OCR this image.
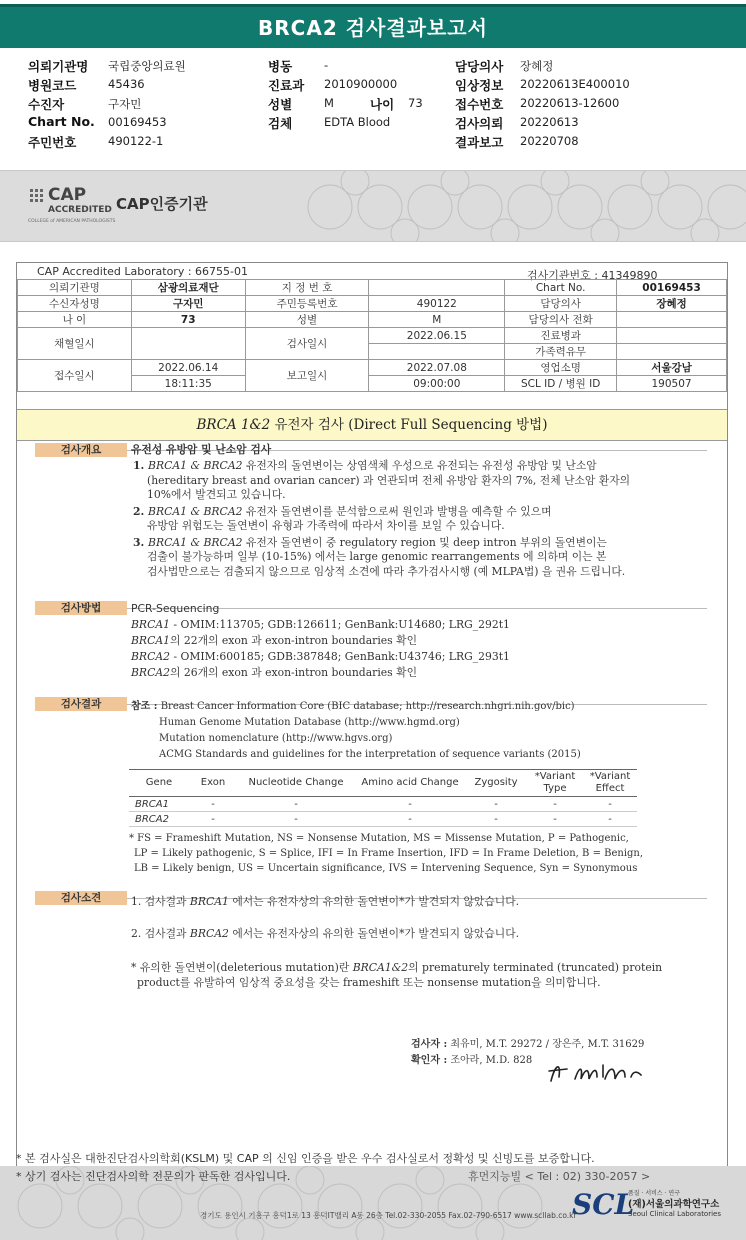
BRCA2 검사결과보고서
의뢰기관명 국립중앙의료원
병원코드	45436
수진자	구자민
Chart No. 00169453
주민번호	490122-1
병동	-
진료과 2010900000
성별	M	나이 73
검체	EDTA Blood
담당의사 장혜정
임상정보 20220613E400010
접수번호 20220613-12600
검사의뢰 20220613
결과보고 20220708
CAP
ACCREDITED
COLLEGE of AMERICAN PATHOLOGISTS
CAP인증기관
CAP Accredited Laboratory : 66755-01	검사기관번호 : 41349890
의뢰기관명	삼광의료재단	지 정 번 호		Chart No.	00169453
수신자성명	구자민	주민등록번호	490122	담당의사	장혜정
나 이	73	성별	M	담당의사 전화	
채혈일시		검사일시	2022.06.15	진료병과	
				가족력유무	
접수일시	2022.06.14	보고일시	2022.07.08	영업소명	서울강남
	18:11:35		09:00:00	SCL ID / 병원 ID	190507
BRCA 1&2 유전자 검사 (Direct Full Sequencing 방법)
검사개요	유전성 유방암 및 난소암 검사
1. BRCA1 & BRCA2 유전자의 돌연변이는 상염색체 우성으로 유전되는 유전성 유방암 및 난소암
(hereditary breast and ovarian cancer) 과 연관되며 전체 유방암 환자의 7%, 전체 난소암 환자의
10%에서 발견되고 있습니다.
2. BRCA1 & BRCA2 유전자 돌연변이를 분석함으로써 원인과 발병을 예측할 수 있으며
유방암 위험도는 돌연변이 유형과 가족력에 따라서 차이를 보일 수 있습니다.
3. BRCA1 & BRCA2 유전자 돌연변이 중 regulatory region 및 deep intron 부위의 돌연변이는
검출이 불가능하며 일부 (10-15%) 에서는 large genomic rearrangements 에 의하며 이는 본
검사법만으로는 검출되지 않으므로 임상적 소견에 따라 추가검사시행 (예 MLPA법) 을 권유 드립니다.
검사방법	PCR-Sequencing
BRCA1 - OMIM:113705; GDB:126611; GenBank:U14680; LRG_292t1
BRCA1의 22개의 exon 과 exon-intron boundaries 확인
BRCA2 - OMIM:600185; GDB:387848; GenBank:U43746; LRG_293t1
BRCA2의 26개의 exon 과 exon-intron boundaries 확인
검사결과	참조 : Breast Cancer Information Core (BIC database; http://research.nhgri.nih.gov/bic)
Human Genome Mutation Database (http://www.hgmd.org)
Mutation nomenclature (http://www.hgvs.org)
ACMG Standards and guidelines for the interpretation of sequence variants (2015)
Gene	Exon	Nucleotide Change	Amino acid Change	Zygosity	*Variant Type	*Variant Effect
BRCA1	-	-	-	-	-	-
BRCA2	-	-	-	-	-	-
* FS = Frameshift Mutation, NS = Nonsense Mutation, MS = Missense Mutation, P = Pathogenic,
LP = Likely pathogenic, S = Splice, IFI = In Frame Insertion, IFD = In Frame Deletion, B = Benign,
LB = Likely benign, US = Uncertain significance, IVS = Intervening Sequence, Syn = Synonymous
검사소견	1. 검사결과 BRCA1 에서는 유전자상의 유의한 돌연변이*가 발견되지 않았습니다.
2. 검사결과 BRCA2 에서는 유전자상의 유의한 돌연변이*가 발견되지 않았습니다.
* 유의한 돌연변이(deleterious mutation)란 BRCA1&2의 prematurely terminated (truncated) protein
product를 유발하여 임상적 중요성을 갖는 frameshift 또는 nonsense mutation을 의미합니다.
검사자 : 최유미, M.T. 29272 / 장은주, M.T. 31629
확인자 : 조아라, M.D. 828
* 본 검사실은 대한진단검사의학회(KSLM) 및 CAP 의 신임 인증을 받은 우수 검사실로서 정확성 및 신빙도를 보증합니다.
* 상기 검사는 진단검사의학 전문의가 판독한 검사입니다.	휴먼지능빌 < Tel : 02) 330-2057 >
경기도 용인시 기흥구 흥덕1로 13 흥덕IT밸리 A동 26층 Tel.02-330-2055 Fax.02-790-6517 www.scllab.co.kr
SCL
품질 · 서비스 · 연구
(재)서울의과학연구소
Seoul Clinical Laboratories
